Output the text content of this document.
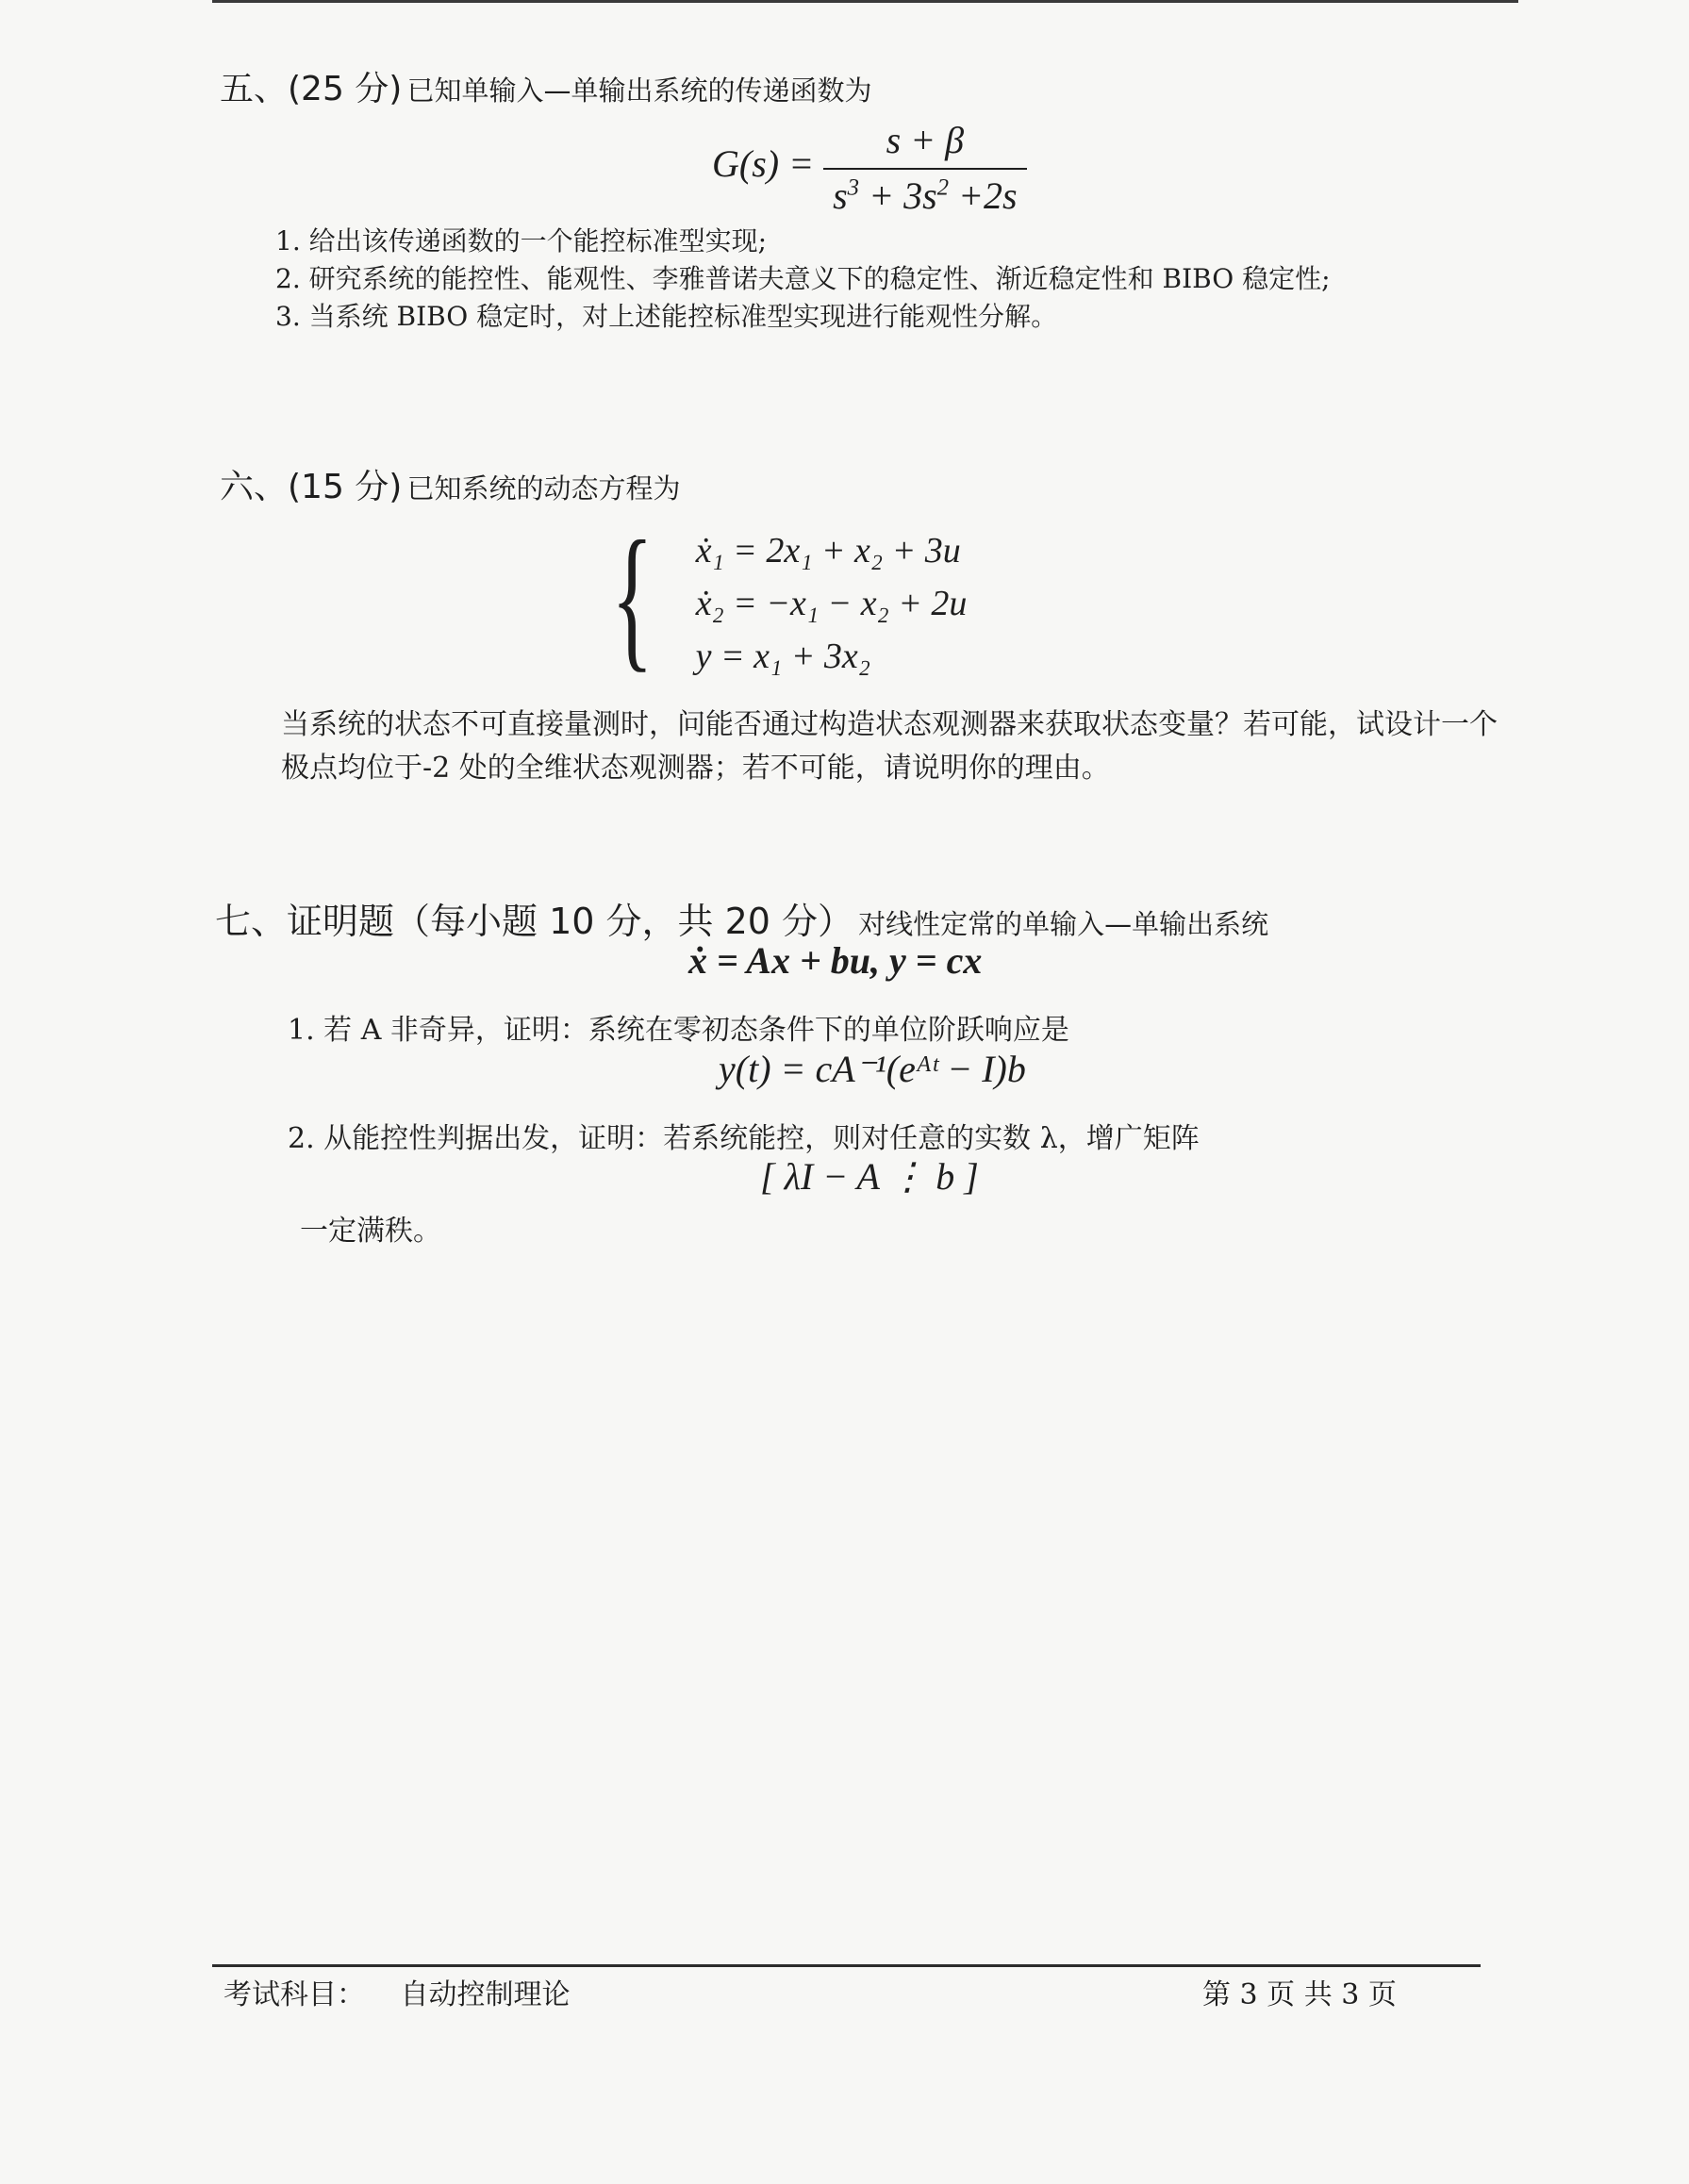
五、(25 分) 已知单输入—单输出系统的传递函数为
$G(s) = \frac{s + \beta}{s^3 + 3s^2 +2s}$
1. 给出该传递函数的一个能控标准型实现;
2. 研究系统的能控性、能观性、李雅普诺夫意义下的稳定性、渐近稳定性和 BIBO 稳定性;
3. 当系统 BIBO 稳定时，对上述能控标准型实现进行能观性分解。
六、(15 分) 已知系统的动态方程为
{ ẋ₁ = 2x₁ + x₂ + 3u
ẋ₂ = −x₁ − x₂ + 2u
y = x₁ + 3x₂
当系统的状态不可直接量测时，问能否通过构造状态观测器来获取状态变量？若可能，试设计一个极点均位于-2 处的全维状态观测器；若不可能，请说明你的理由。
七、证明题（每小题 10 分，共 20 分） 对线性定常的单输入—单输出系统
ẋ = Ax + bu, y = cx
1. 若 A 非奇异，证明：系统在零初态条件下的单位阶跃响应是
y(t) = cA⁻¹(eᴬᵗ − I)b
2. 从能控性判据出发，证明：若系统能控，则对任意的实数 λ，增广矩阵
[ λI − A ⋮ b ]
一定满秩。
考试科目： 自动控制理论	第 3 页 共 3 页
